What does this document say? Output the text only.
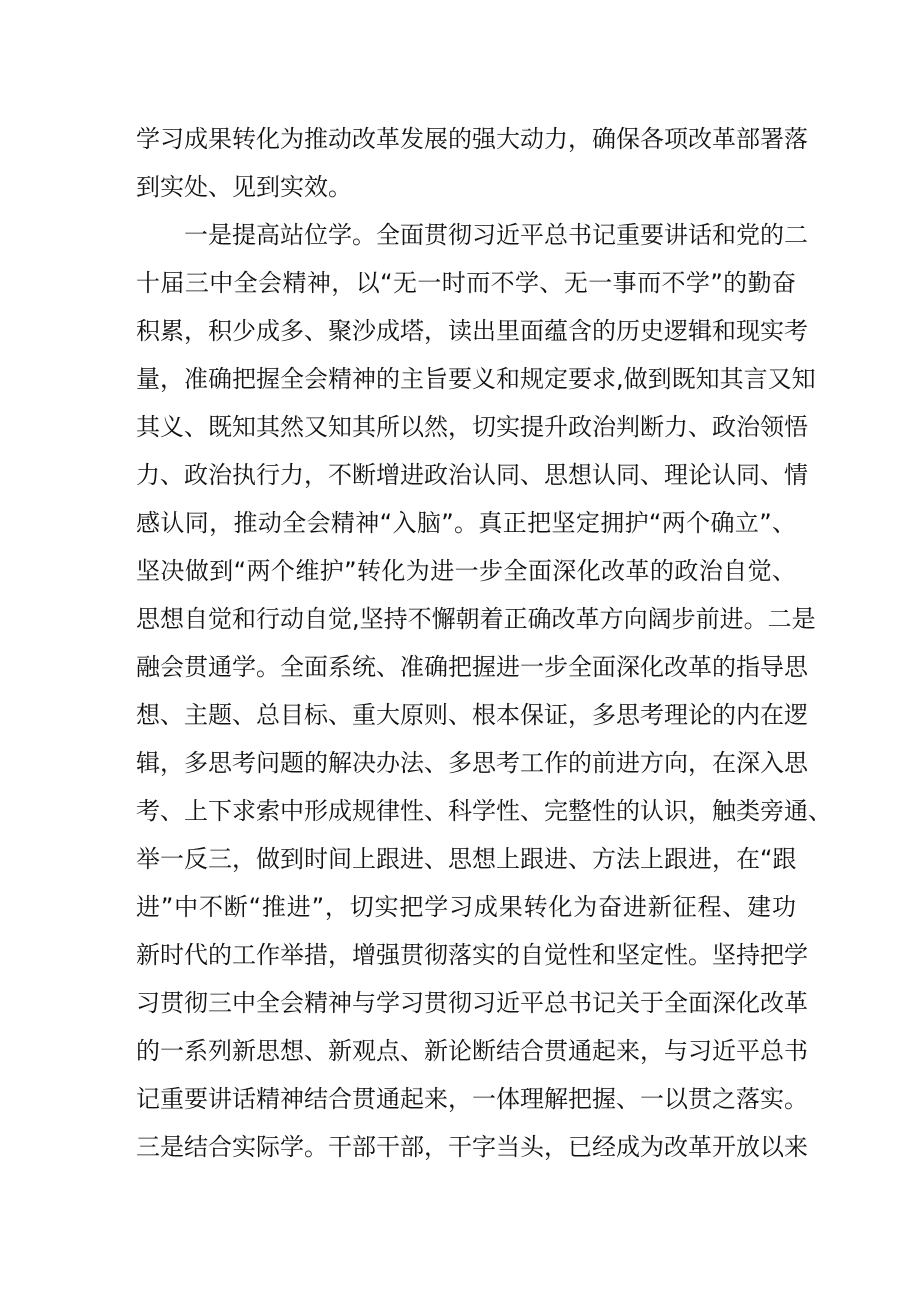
学习成果转化为推动改革发展的强大动力，确保各项改革部署落
到实处、见到实效。
　　一是提高站位学。全面贯彻习近平总书记重要讲话和党的二
十届三中全会精神，以“无一时而不学、无一事而不学”的勤奋
积累，积少成多、聚沙成塔，读出里面蕴含的历史逻辑和现实考
量，准确把握全会精神的主旨要义和规定要求,做到既知其言又知
其义、既知其然又知其所以然，切实提升政治判断力、政治领悟
力、政治执行力，不断增进政治认同、思想认同、理论认同、情
感认同，推动全会精神“入脑”。真正把坚定拥护“两个确立”、
坚决做到“两个维护”转化为进一步全面深化改革的政治自觉、
思想自觉和行动自觉,坚持不懈朝着正确改革方向阔步前进。二是
融会贯通学。全面系统、准确把握进一步全面深化改革的指导思
想、主题、总目标、重大原则、根本保证，多思考理论的内在逻
辑，多思考问题的解决办法、多思考工作的前进方向，在深入思
考、上下求索中形成规律性、科学性、完整性的认识，触类旁通、
举一反三，做到时间上跟进、思想上跟进、方法上跟进，在“跟
进”中不断“推进”，切实把学习成果转化为奋进新征程、建功
新时代的工作举措，增强贯彻落实的自觉性和坚定性。坚持把学
习贯彻三中全会精神与学习贯彻习近平总书记关于全面深化改革
的一系列新思想、新观点、新论断结合贯通起来，与习近平总书
记重要讲话精神结合贯通起来，一体理解把握、一以贯之落实。
三是结合实际学。干部干部，干字当头，已经成为改革开放以来
